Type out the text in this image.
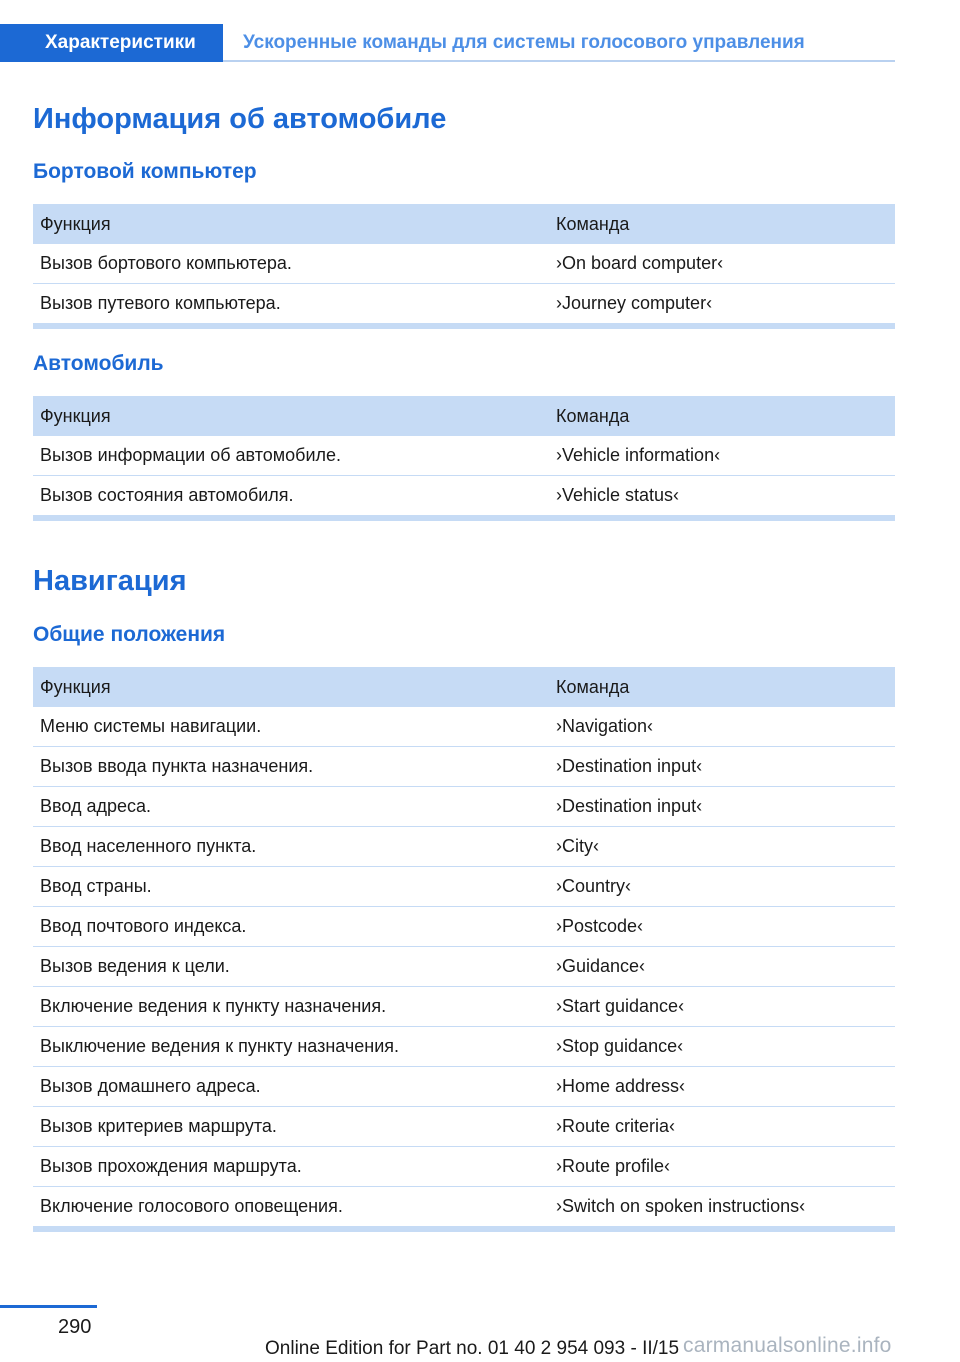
Характеристики	Ускоренные команды для системы голосового управления
Информация об автомобиле
Бортовой компьютер
Функция	Команда
Вызов бортового компьютера.	›On board computer‹
Вызов путевого компьютера.	›Journey computer‹
Автомобиль
Функция	Команда
Вызов информации об автомобиле.	›Vehicle information‹
Вызов состояния автомобиля.	›Vehicle status‹
Навигация
Общие положения
Функция	Команда
Меню системы навигации.	›Navigation‹
Вызов ввода пункта назначения.	›Destination input‹
Ввод адреса.	›Destination input‹
Ввод населенного пункта.	›City‹
Ввод страны.	›Country‹
Ввод почтового индекса.	›Postcode‹
Вызов ведения к цели.	›Guidance‹
Включение ведения к пункту назначения.	›Start guidance‹
Выключение ведения к пункту назначения.	›Stop guidance‹
Вызов домашнего адреса.	›Home address‹
Вызов критериев маршрута.	›Route criteria‹
Вызов прохождения маршрута.	›Route profile‹
Включение голосового оповещения.	›Switch on spoken instructions‹
290
Online Edition for Part no. 01 40 2 954 093 - II/15 carmanualsonline.info
